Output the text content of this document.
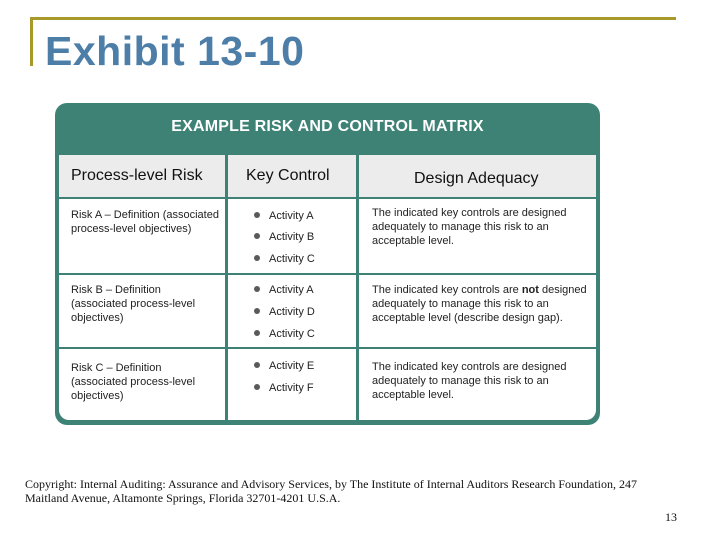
Exhibit 13-10
EXAMPLE RISK AND CONTROL MATRIX
Process-level Risk	Key Control	Design Adequacy
Risk A – Definition (associated process-level objectives)
Activity A
Activity B
Activity C
The indicated key controls are designed adequately to manage this risk to an acceptable level.
Risk B – Definition (associated process-level objectives)
Activity A
Activity D
Activity C
The indicated key controls are not designed adequately to manage this risk to an acceptable level (describe design gap).
Risk C – Definition (associated process-level objectives)
Activity E
Activity F
The indicated key controls are designed adequately to manage this risk to an acceptable level.
Copyright: Internal Auditing: Assurance and Advisory Services, by The Institute of Internal Auditors Research Foundation, 247 Maitland Avenue, Altamonte Springs, Florida 32701-4201 U.S.A.
13
